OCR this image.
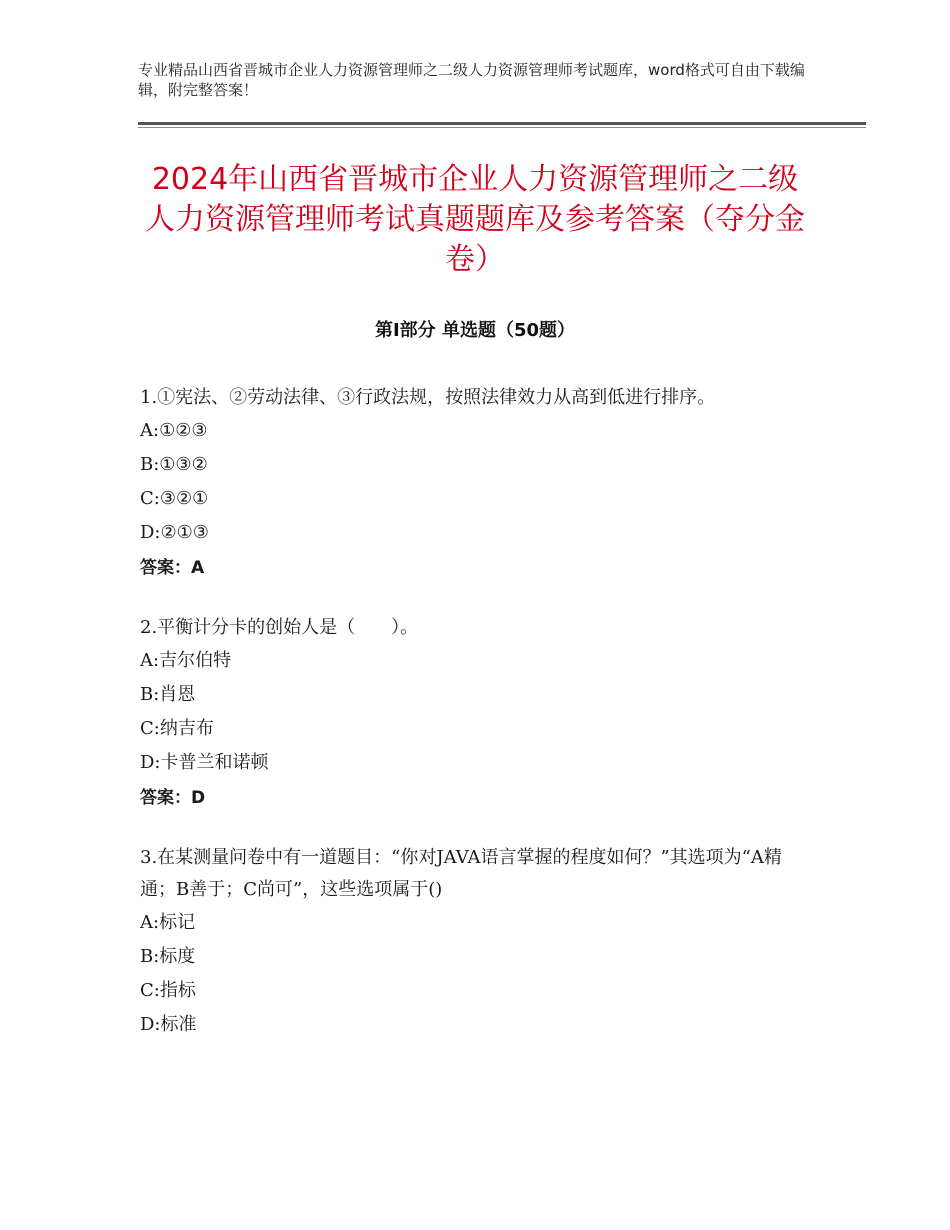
专业精品山西省晋城市企业人力资源管理师之二级人力资源管理师考试题库，word格式可自由下载编辑，附完整答案！
2024年山西省晋城市企业人力资源管理师之二级人力资源管理师考试真题题库及参考答案（夺分金卷）
第Ⅰ部分 单选题（50题）

1.①宪法、②劳动法律、③行政法规，按照法律效力从高到低进行排序。

A:①②③

B:①③②

C:③②①

D:②①③

答案：A

2.平衡计分卡的创始人是（　　）。

A:吉尔伯特

B:肖恩

C:纳吉布

D:卡普兰和诺顿

答案：D

3.在某测量问卷中有一道题目：“你对JAVA语言掌握的程度如何？”其选项为“A精通；B善于；C尚可”，这些选项属于()

A:标记

B:标度

C:指标

D:标准
